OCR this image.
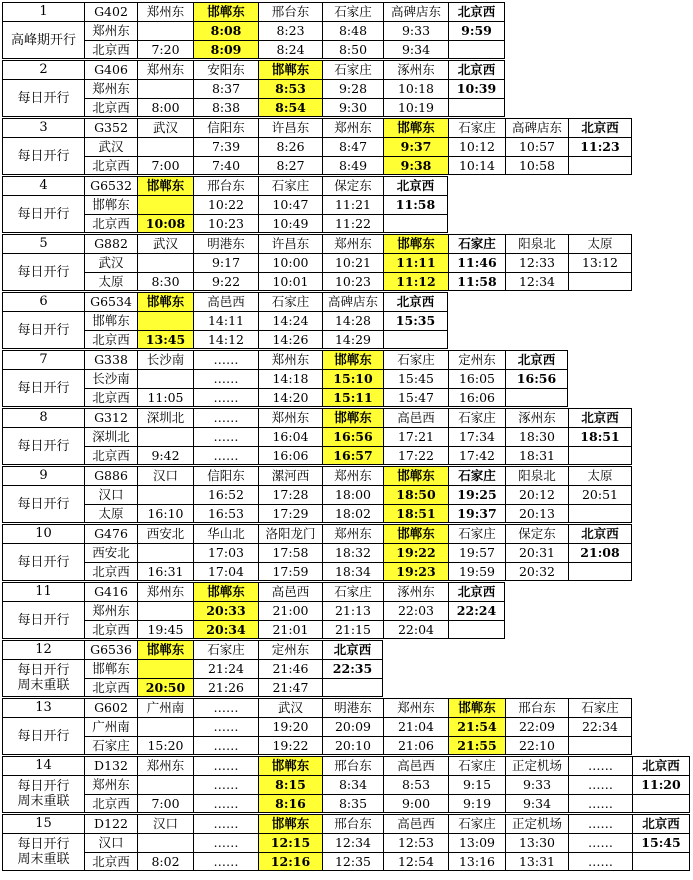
1
高峰期开行
G402
郑州东
北京西
郑州东
7:20
邯郸东
8:08
8:09
邢台东
8:23
8:24
石家庄
8:48
8:50
高碑店东
9:33
9:34
北京西
9:59
2
每日开行
G406
郑州东
北京西
郑州东
8:00
安阳东
8:37
8:38
邯郸东
8:53
8:54
石家庄
9:28
9:30
涿州东
10:18
10:19
北京西
10:39
3
每日开行
G352
武汉
北京西
武汉
7:00
信阳东
7:39
7:40
许昌东
8:26
8:27
郑州东
8:47
8:49
邯郸东
9:37
9:38
石家庄
10:12
10:14
高碑店东
10:57
10:58
北京西
11:23
4
每日开行
G6532
邯郸东
北京西
邯郸东
10:08
邢台东
10:22
10:23
石家庄
10:47
10:49
保定东
11:21
11:22
北京西
11:58
5
每日开行
G882
武汉
太原
武汉
8:30
明港东
9:17
9:22
许昌东
10:00
10:01
郑州东
10:21
10:23
邯郸东
11:11
11:12
石家庄
11:46
11:58
阳泉北
12:33
12:34
太原
13:12
6
每日开行
G6534
邯郸东
北京西
邯郸东
13:45
高邑西
14:11
14:12
石家庄
14:24
14:26
高碑店东
14:28
14:29
北京西
15:35
7
每日开行
G338
长沙南
北京西
长沙南
11:05
……
……
……
郑州东
14:18
14:20
邯郸东
15:10
15:11
石家庄
15:45
15:47
定州东
16:05
16:06
北京西
16:56
8
每日开行
G312
深圳北
北京西
深圳北
9:42
……
……
……
郑州东
16:04
16:06
邯郸东
16:56
16:57
高邑西
17:21
17:22
石家庄
17:34
17:42
涿州东
18:30
18:31
北京西
18:51
9
每日开行
G886
汉口
太原
汉口
16:10
信阳东
16:52
16:53
漯河西
17:28
17:29
郑州东
18:00
18:02
邯郸东
18:50
18:51
石家庄
19:25
19:37
阳泉北
20:12
20:13
太原
20:51
10
每日开行
G476
西安北
北京西
西安北
16:31
华山北
17:03
17:04
洛阳龙门
17:58
17:59
郑州东
18:32
18:34
邯郸东
19:22
19:23
石家庄
19:57
19:59
保定东
20:31
20:32
北京西
21:08
11
每日开行
G416
郑州东
北京西
郑州东
19:45
邯郸东
20:33
20:34
高邑西
21:00
21:01
石家庄
21:13
21:15
涿州东
22:03
22:04
北京西
22:24
12
每日开行
周末重联
G6536
邯郸东
北京西
邯郸东
20:50
石家庄
21:24
21:26
定州东
21:46
21:47
北京西
22:35
13
每日开行
G602
广州南
石家庄
广州南
15:20
……
……
……
武汉
19:20
19:22
明港东
20:09
20:10
郑州东
21:04
21:06
邯郸东
21:54
21:55
邢台东
22:09
22:10
石家庄
22:34
14
每日开行
周末重联
D132
郑州东
北京西
郑州东
7:00
……
……
……
邯郸东
8:15
8:16
邢台东
8:34
8:35
高邑西
8:53
9:00
石家庄
9:15
9:19
正定机场
9:33
9:34
……
……
……
北京西
11:20
15
每日开行
周末重联
D122
汉口
北京西
汉口
8:02
……
……
……
邯郸东
12:15
12:16
邢台东
12:34
12:35
高邑西
12:53
12:54
石家庄
13:09
13:16
正定机场
13:30
13:31
……
……
……
北京西
15:45
